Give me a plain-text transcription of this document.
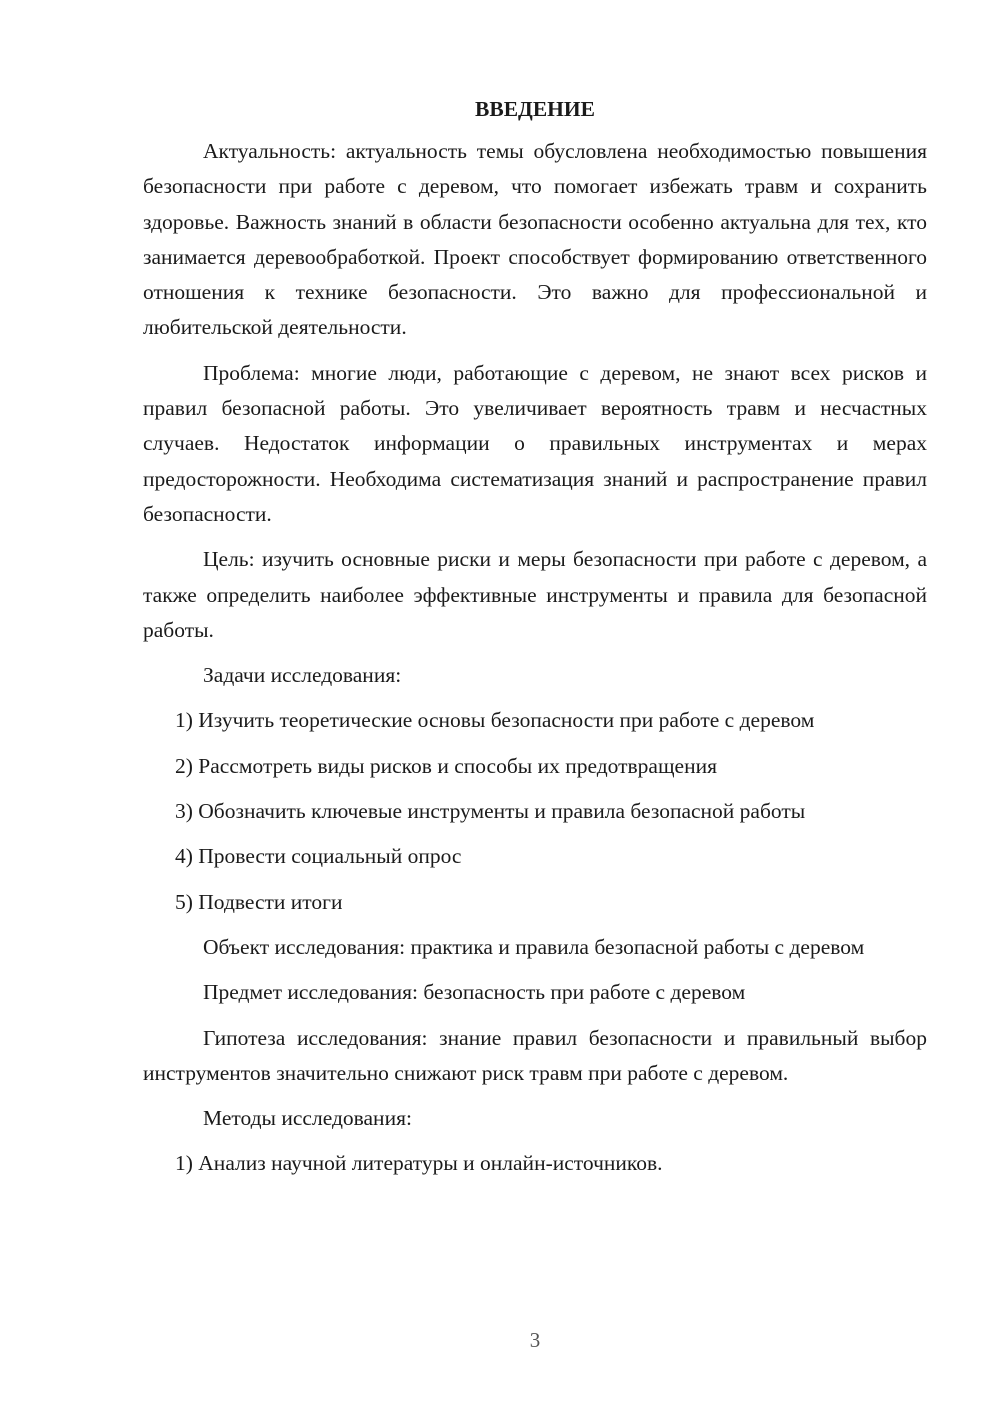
ВВЕДЕНИЕ

Актуальность: актуальность темы обусловлена необходимостью повышения безопасности при работе с деревом, что помогает избежать травм и сохранить здоровье. Важность знаний в области безопасности особенно актуальна для тех, кто занимается деревообработкой. Проект способствует формированию ответственного отношения к технике безопасности. Это важно для профессиональной и любительской деятельности.

Проблема: многие люди, работающие с деревом, не знают всех рисков и правил безопасной работы. Это увеличивает вероятность травм и несчастных случаев. Недостаток информации о правильных инструментах и мерах предосторожности. Необходима систематизация знаний и распространение правил безопасности.

Цель: изучить основные риски и меры безопасности при работе с деревом, а также определить наиболее эффективные инструменты и правила для безопасной работы.

Задачи исследования:

1) Изучить теоретические основы безопасности при работе с деревом
2) Рассмотреть виды рисков и способы их предотвращения
3) Обозначить ключевые инструменты и правила безопасной работы
4) Провести социальный опрос
5) Подвести итоги

Объект исследования: практика и правила безопасной работы с деревом

Предмет исследования: безопасность при работе с деревом

Гипотеза исследования: знание правил безопасности и правильный выбор инструментов значительно снижают риск травм при работе с деревом.

Методы исследования:

1) Анализ научной литературы и онлайн-источников.
3
